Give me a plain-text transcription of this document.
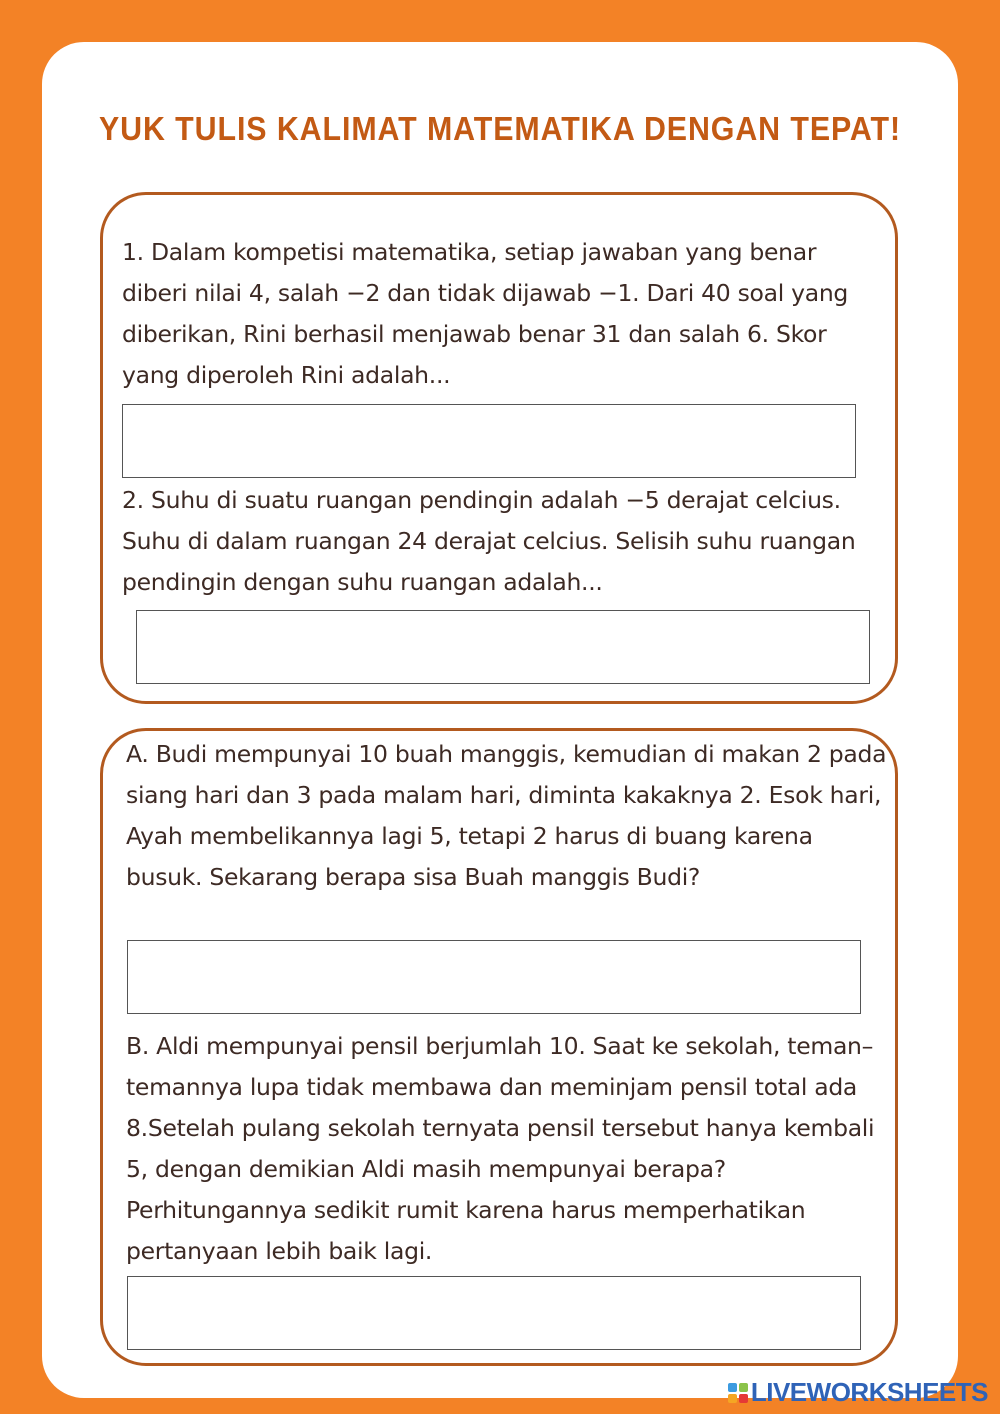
YUK TULIS KALIMAT MATEMATIKA DENGAN TEPAT!
1. Dalam kompetisi matematika, setiap jawaban yang benar diberi nilai 4, salah −2 dan tidak dijawab −1. Dari 40 soal yang diberikan, Rini berhasil menjawab benar 31 dan salah 6. Skor yang diperoleh Rini adalah...
2. Suhu di suatu ruangan pendingin adalah −5 derajat celcius. Suhu di dalam ruangan 24 derajat celcius. Selisih suhu ruangan pendingin dengan suhu ruangan adalah...
A. Budi mempunyai 10 buah manggis, kemudian di makan 2 pada siang hari dan 3 pada malam hari, diminta kakaknya 2. Esok hari, Ayah membelikannya lagi 5, tetapi 2 harus di buang karena busuk. Sekarang berapa sisa Buah manggis Budi?
B. Aldi mempunyai pensil berjumlah 10. Saat ke sekolah, teman–temannya lupa tidak membawa dan meminjam pensil total ada 8.Setelah pulang sekolah ternyata pensil tersebut hanya kembali 5, dengan demikian Aldi masih mempunyai berapa? Perhitungannya sedikit rumit karena harus memperhatikan pertanyaan lebih baik lagi.
LIVEWORKSHEETS
